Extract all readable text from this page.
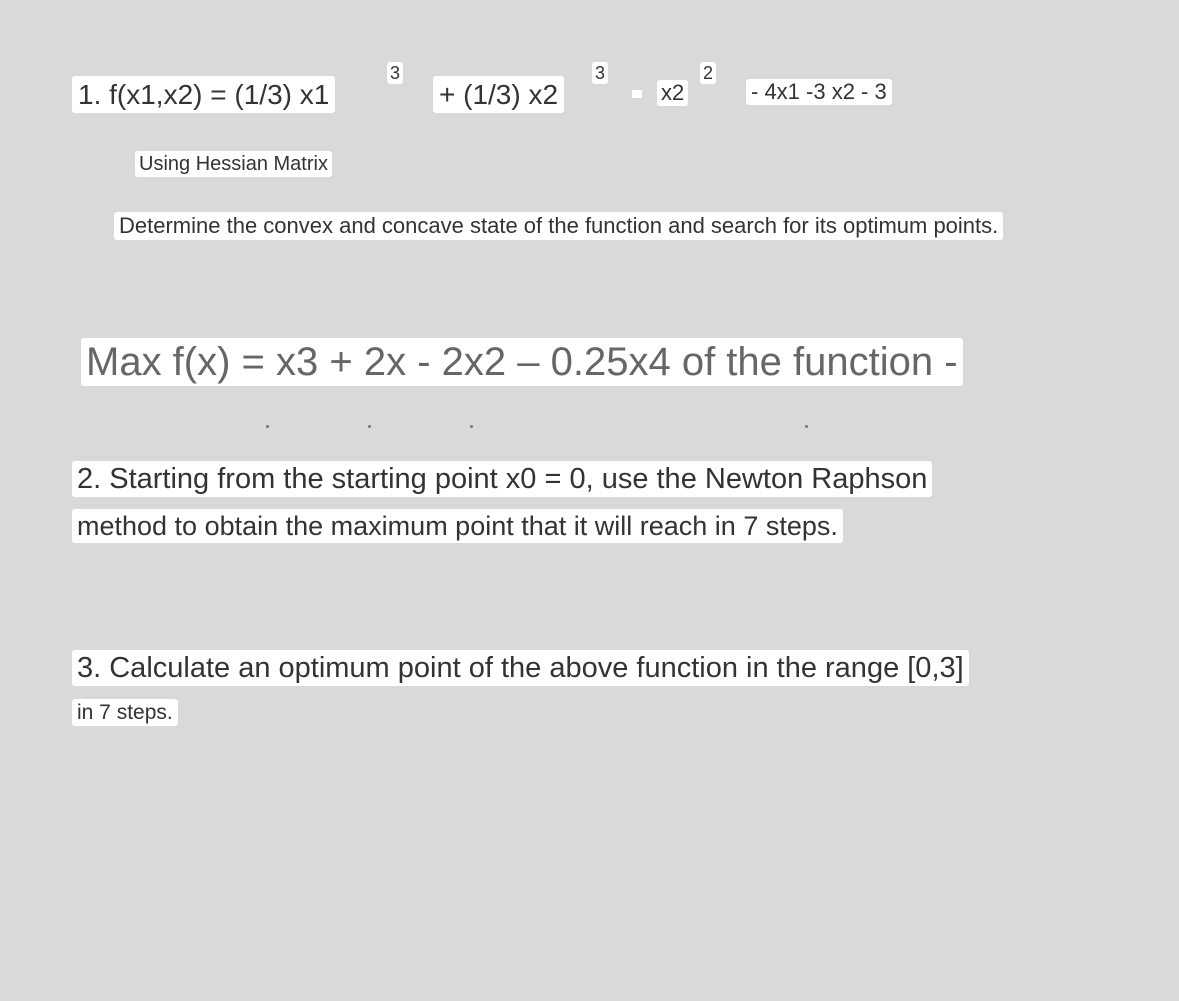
1. f(x1,x2) = (1/3) x1
3
+ (1/3) x2
3
x2
2
- 4x1 -3 x2 - 3
Using Hessian Matrix
Determine the convex and concave state of the function and search for its optimum points.
Max f(x) = x3 + 2x - 2x2 – 0.25x4 of the function -
2. Starting from the starting point x0 = 0, use the Newton Raphson
method to obtain the maximum point that it will reach in 7 steps.
3. Calculate an optimum point of the above function in the range [0,3]
in 7 steps.
